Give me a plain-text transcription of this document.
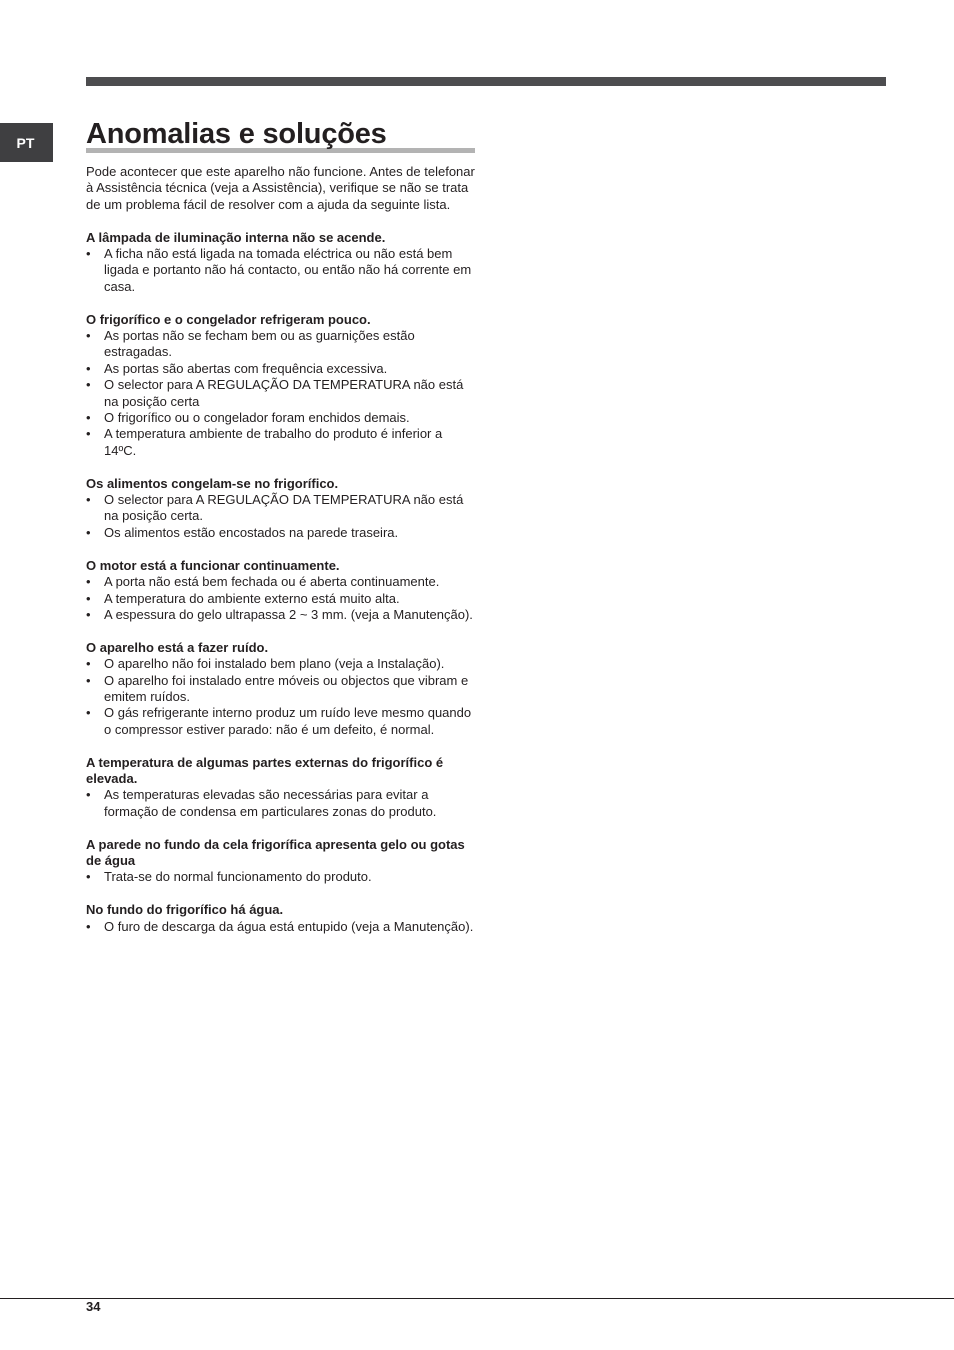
PT	Anomalias e soluções

Pode acontecer que este aparelho não funcione. Antes de telefonar à Assistência técnica (veja a Assistência), verifique se não se trata de um problema fácil de resolver com a ajuda da seguinte lista.

A lâmpada de iluminação interna não se acende.

• A ficha não está ligada na tomada eléctrica ou não está bem ligada e portanto não há contacto, ou então não há corrente em casa.

O frigorífico e o congelador refrigeram pouco.

• As portas não se fecham bem ou as guarnições estão estragadas.
• As portas são abertas com frequência excessiva.
• O selector para A REGULAÇÃO DA TEMPERATURA não está na posição certa
• O frigorífico ou o congelador foram enchidos demais.
• A temperatura ambiente de trabalho do produto é inferior a 14ºC.

Os alimentos congelam-se no frigorífico.

• O selector para A REGULAÇÃO DA TEMPERATURA não está na posição certa.
• Os alimentos estão encostados na parede traseira.

O motor está a funcionar continuamente.

• A porta não está bem fechada ou é aberta continuamente.
• A temperatura do ambiente externo está muito alta.
• A espessura do gelo ultrapassa 2 ~ 3 mm. (veja a Manutenção).

O aparelho está a fazer ruído.

• O aparelho não foi instalado bem plano (veja a Instalação).
• O aparelho foi instalado entre móveis ou objectos que vibram e emitem ruídos.
• O gás refrigerante interno produz um ruído leve mesmo quando o compressor estiver parado: não é um defeito, é normal.

A temperatura de algumas partes externas do frigorífico é elevada.

• As temperaturas elevadas são necessárias para evitar a formação de condensa em particulares zonas do produto.

A parede no fundo da cela frigorífica apresenta gelo ou gotas de água

• Trata-se do normal funcionamento do produto.

No fundo do frigorífico há água.

• O furo de descarga da água está entupido (veja a Manutenção).
34
